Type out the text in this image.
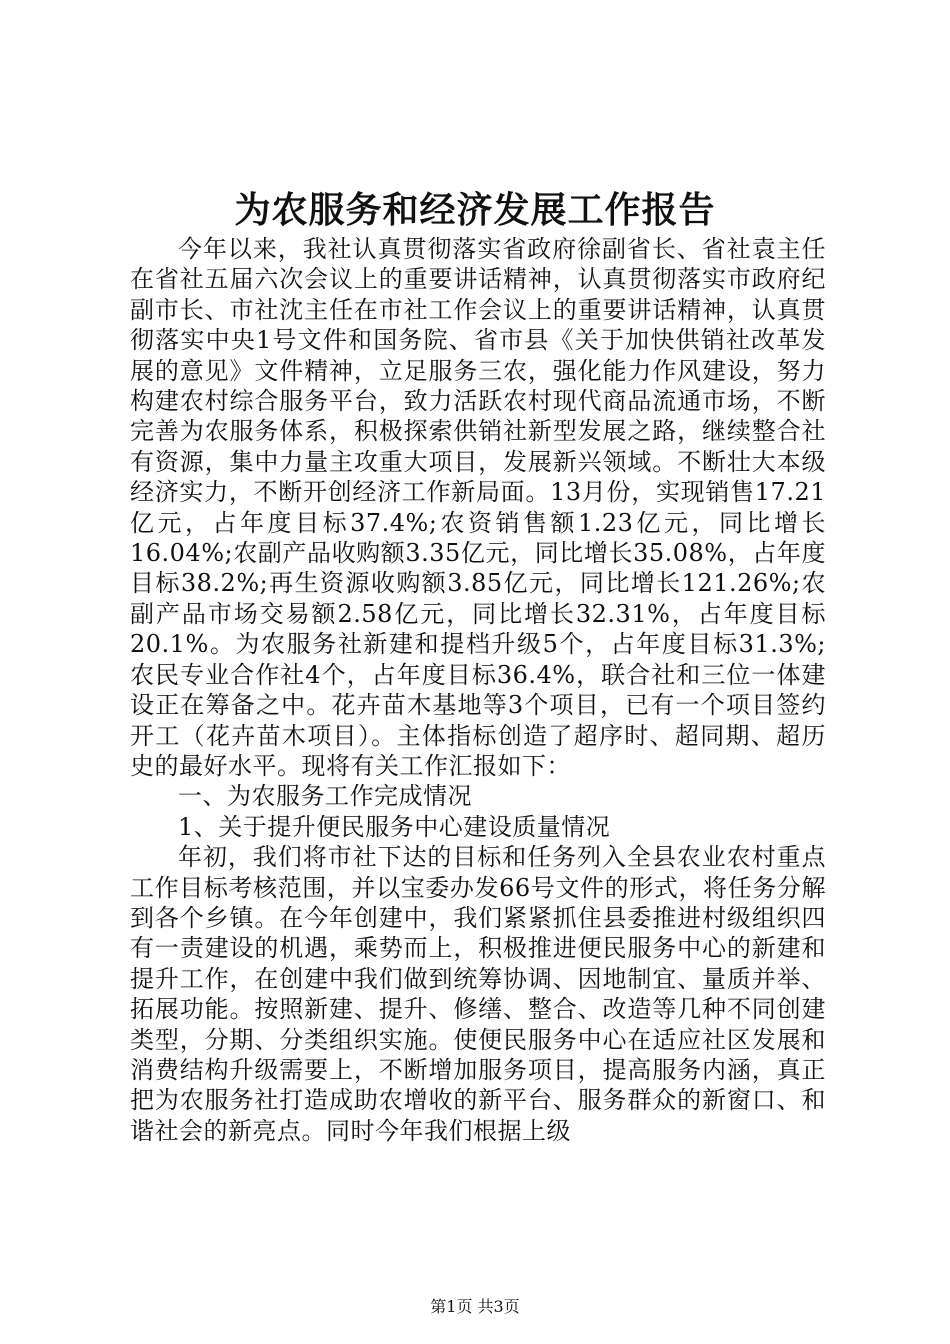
为农服务和经济发展工作报告

今年以来，我社认真贯彻落实省政府徐副省长、省社袁主任在省社五届六次会议上的重要讲话精神，认真贯彻落实市政府纪副市长、市社沈主任在市社工作会议上的重要讲话精神，认真贯彻落实中央1号文件和国务院、省市县《关于加快供销社改革发展的意见》文件精神，立足服务三农，强化能力作风建设，努力构建农村综合服务平台，致力活跃农村现代商品流通市场，不断完善为农服务体系，积极探索供销社新型发展之路，继续整合社有资源，集中力量主攻重大项目，发展新兴领域。不断壮大本级经济实力，不断开创经济工作新局面。13月份，实现销售17.21亿元，占年度目标37.4%;农资销售额1.23亿元，同比增长16.04%;农副产品收购额3.35亿元，同比增长35.08%，占年度目标38.2%;再生资源收购额3.85亿元，同比增长121.26%;农副产品市场交易额2.58亿元，同比增长32.31%，占年度目标20.1%。为农服务社新建和提档升级5个，占年度目标31.3%;农民专业合作社4个，占年度目标36.4%，联合社和三位一体建设正在筹备之中。花卉苗木基地等3个项目，已有一个项目签约开工（花卉苗木项目）。主体指标创造了超序时、超同期、超历史的最好水平。现将有关工作汇报如下：

一、为农服务工作完成情况

1、关于提升便民服务中心建设质量情况

年初，我们将市社下达的目标和任务列入全县农业农村重点工作目标考核范围，并以宝委办发66号文件的形式，将任务分解到各个乡镇。在今年创建中，我们紧紧抓住县委推进村级组织四有一责建设的机遇，乘势而上，积极推进便民服务中心的新建和提升工作，在创建中我们做到统筹协调、因地制宜、量质并举、拓展功能。按照新建、提升、修缮、整合、改造等几种不同创建类型，分期、分类组织实施。使便民服务中心在适应社区发展和消费结构升级需要上，不断增加服务项目，提高服务内涵，真正把为农服务社打造成助农增收的新平台、服务群众的新窗口、和谐社会的新亮点。同时今年我们根据上级

第1页 共3页
